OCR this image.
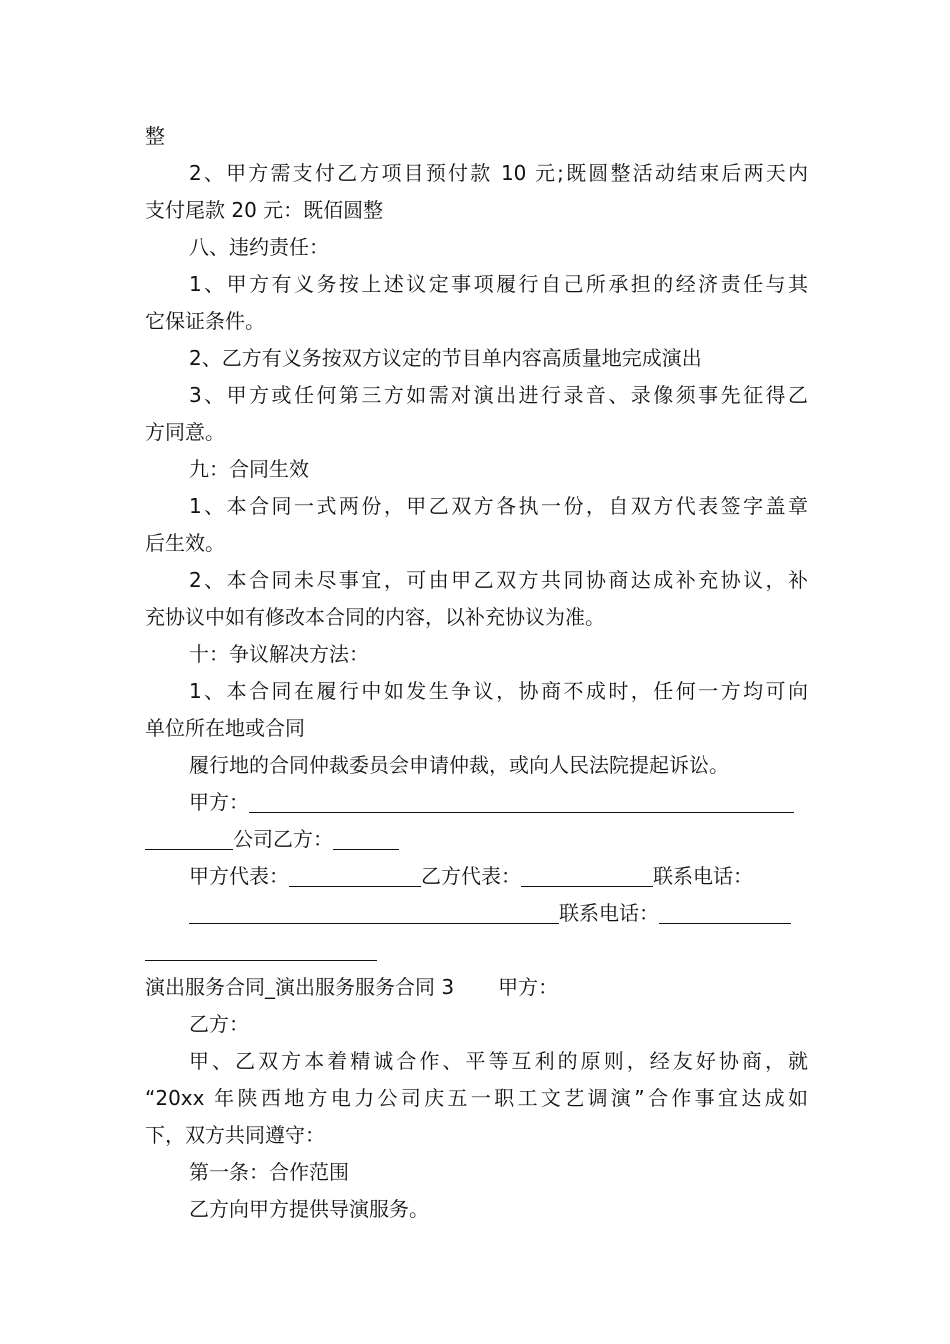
整
2、甲方需支付乙方项目预付款 10 元;既圆整活动结束后两天内
支付尾款 20 元：既佰圆整
八、违约责任：
1、甲方有义务按上述议定事项履行自己所承担的经济责任与其
它保证条件。
2、乙方有义务按双方议定的节目单内容高质量地完成演出
3、甲方或任何第三方如需对演出进行录音、录像须事先征得乙
方同意。
九：合同生效
1、本合同一式两份，甲乙双方各执一份，自双方代表签字盖章
后生效。
2、本合同未尽事宜，可由甲乙双方共同协商达成补充协议，补
充协议中如有修改本合同的内容，以补充协议为准。
十：争议解决方法：
1、本合同在履行中如发生争议，协商不成时，任何一方均可向
单位所在地或合同
履行地的合同仲裁委员会申请仲裁，或向人民法院提起诉讼。
甲方：
公司乙方：
甲方代表：	乙方代表：	联系电话：
联系电话：
演出服务合同_演出服务服务合同 3 甲方：
乙方：
甲、乙双方本着精诚合作、平等互利的原则，经友好协商，就
“20xx 年陕西地方电力公司庆五一职工文艺调演”合作事宜达成如
下，双方共同遵守：
第一条：合作范围
乙方向甲方提供导演服务。
